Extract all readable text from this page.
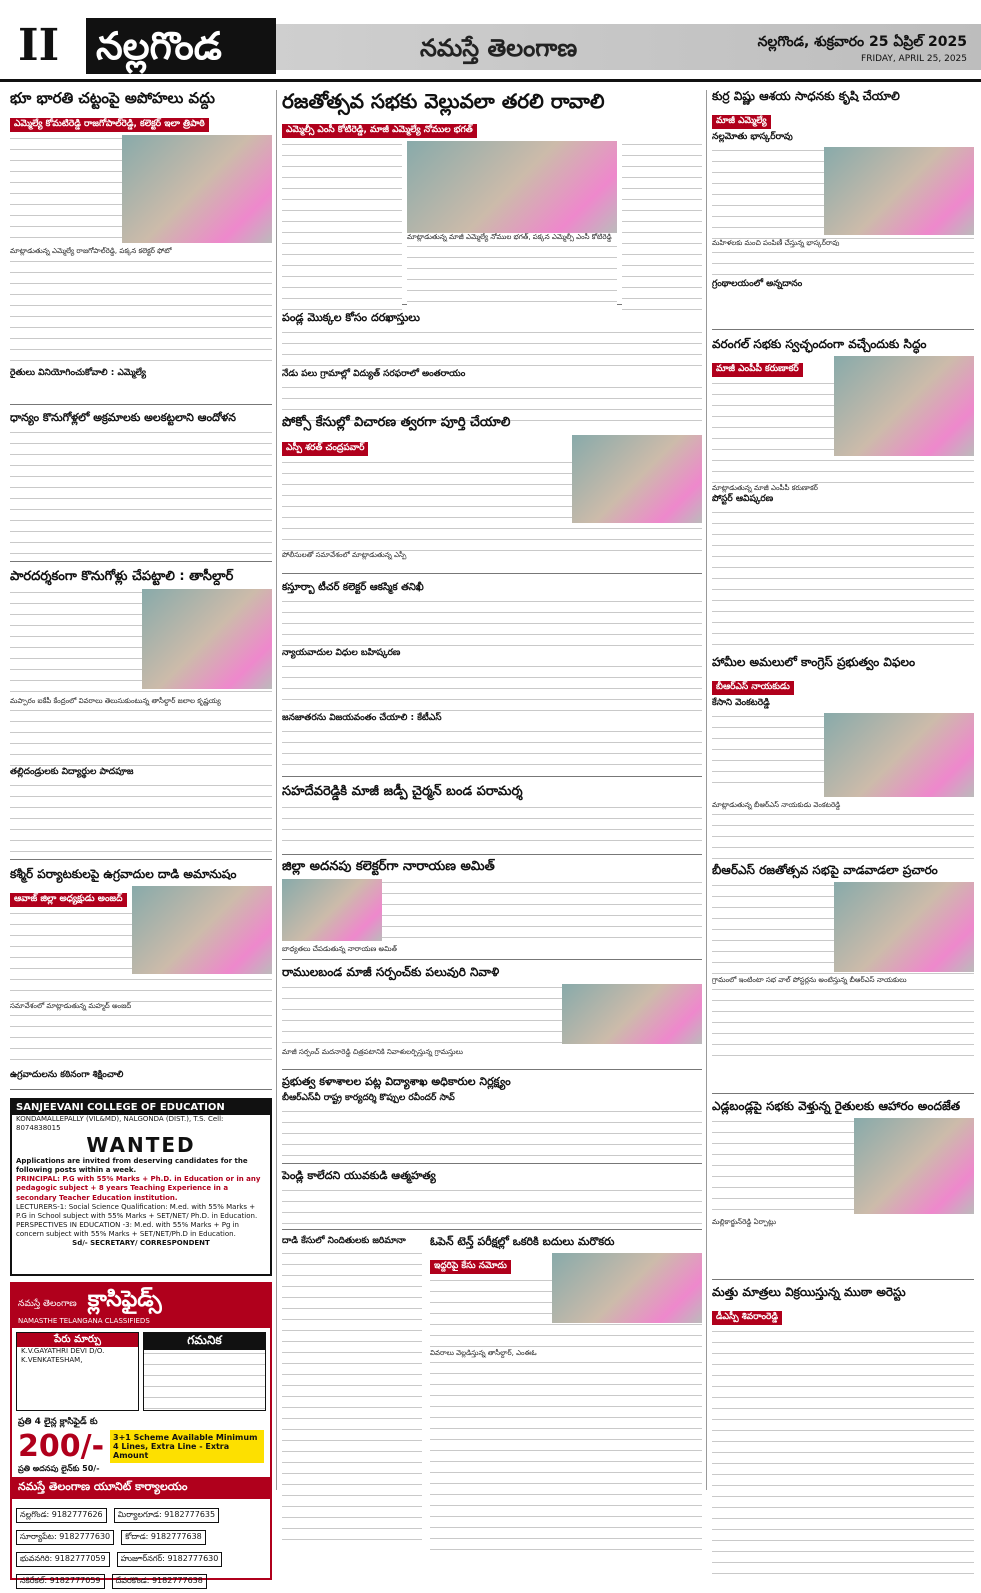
II నల్లగొండ	నమస్తే తెలంగాణ	నల్లగొండ, శుక్రవారం 25 ఏప్రిల్ 2025
FRIDAY, APRIL 25, 2025
భూ భారతి చట్టంపై అపోహలు వద్దు
ఎమ్మెల్యే కోమటిరెడ్డి రాజగోపాల్‌రెడ్డి, కలెక్టర్ ఇలా త్రిపాఠి
మాట్లాడుతున్న ఎమ్మెల్యే రాజగోపాల్‌రెడ్డి, పక్కన కలెక్టర్ ఫోటో
రైతులు వినియోగించుకోవాలి : ఎమ్మెల్యే
ధాన్యం కొనుగోళ్లలో అక్రమాలకు అలకట్టలాని ఆందోళన
పారదర్శకంగా కొనుగోళ్లు చేపట్టాలి : తాసీల్దార్
మప్పారం ఐకేపీ కేంద్రంలో వివరాలు తెలుసుకుంటున్న తాసీల్దార్ జలాల కృష్ణయ్య
తల్లిదండ్రులకు విద్యార్థుల పాదపూజ
కశ్మీర్ పర్యాటకులపై ఉగ్రవాదుల దాడి అమానుషం
ఆవాజ్ జిల్లా అధ్యక్షుడు అంజద్
సమావేశంలో మాట్లాడుతున్న మహ్మద్ అంజద్
ఉగ్రవాదులను కఠినంగా శిక్షించాలి
SANJEEVANI COLLEGE OF EDUCATION
KONDAMALLEPALLY (VIL&MD), NALGONDA (DIST.), T.S. Cell: 8074838015
WANTED
Applications are invited from deserving candidates for the following posts within a week.
PRINCIPAL: P.G with 55% Marks + Ph.D. in Education or in any pedagogic subject + 8 years Teaching Experience in a secondary Teacher Education institution.
LECTURERS-1: Social Science Qualification: M.ed. with 55% Marks + P.G in School subject with 55% Marks + SET/NET/ Ph.D. in Education.
PERSPECTIVES IN EDUCATION -3: M.ed. with 55% Marks + Pg in concern subject with 55% Marks + SET/NET/Ph.D in Education.
Sd/- SECRETARY/ CORRESPONDENT
నమస్తే తెలంగాణ క్లాసిఫైడ్స్
NAMASTHE TELANGANA CLASSIFIEDS
పేరు మార్పు
K.V.GAYATHRI DEVI D/O. K.VENKATESHAM,
గమనిక
ప్రతి 4 లైన్ల క్లాసిఫైడ్ కు
200/-
ప్రతి అదనపు లైన్‌కు 50/-
3+1 Scheme Available Minimum 4 Lines, Extra Line - Extra Amount
నమస్తే తెలంగాణ యూనిట్ కార్యాలయం
నల్లగొండ: 9182777626 మిర్యాలగూడ: 9182777635 సూర్యాపేట: 9182777630 కోదాడ: 9182777638 భువనగిరి: 9182777059 హుజూర్‌నగర్: 9182777630 నకిరేకల్: 9182777059 దేవరకొండ: 9182777638
రజతోత్సవ సభకు వెల్లువలా తరలి రావాలి
ఎమ్మెల్సీ ఎంసీ కోటిరెడ్డి, మాజీ ఎమ్మెల్యే నోముల భగత్
మాట్లాడుతున్న మాజీ ఎమ్మెల్యే నోముల భగత్, పక్కన ఎమ్మెల్సీ ఎంసీ కోటిరెడ్డి
పండ్ల మొక్కల కోసం దరఖాస్తులు
నేడు పలు గ్రామాల్లో విద్యుత్ సరఫరాలో అంతరాయం
పోక్సో కేసుల్లో విచారణ త్వరగా పూర్తి చేయాలి
ఎస్పీ శరత్ చంద్రపవార్
పోలీసులతో సమావేశంలో మాట్లాడుతున్న ఎస్పీ
కస్తూర్బా టీచర్ కలెక్టర్ ఆకస్మిక తనిఖీ
న్యాయవాదుల విధుల బహిష్కరణ
జనజాతరను విజయవంతం చేయాలి : కేటీఎస్
సహదేవరెడ్డికి మాజీ జడ్పీ చైర్మన్ బండ పరామర్శ
జిల్లా అదనపు కలెక్టర్‌గా నారాయణ అమిత్
బాధ్యతలు చేపడుతున్న నారాయణ అమిత్
రాములబండ మాజీ సర్పంచ్‌కు పలువురి నివాళి
మాజీ సర్పంచ్ మదనారెడ్డి చిత్రపటానికి నివాళులర్పిస్తున్న గ్రామస్తులు
ప్రభుత్వ కళాశాలల పట్ల విద్యాశాఖ అధికారుల నిర్లక్ష్యం
బీఆర్ఎస్‌వీ రాష్ట్ర కార్యదర్శి కొప్పుల రవీందర్ సావ్
పెండ్లి కాలేదని యువకుడి ఆత్మహత్య
దాడి కేసులో నిందితులకు జరిమానా	ఓపెన్ టెన్త్ పరీక్షల్లో ఒకరికి బదులు మరొకరు
ఇద్దరిపై కేసు నమోదు
వివరాలు వెల్లడిస్తున్న తాసీల్దార్, ఎంఈఓ
కుర్ర విష్ణు ఆశయ సాధనకు కృషి చేయాలి
మాజీ ఎమ్మెల్యే
నల్లమోతు భాస్కర్‌రావు
మహిళలకు మంచి పంపిణీ చేస్తున్న భాస్కర్‌రావు
గ్రంథాలయంలో అన్నదానం
వరంగల్ సభకు స్వచ్ఛందంగా వచ్చేందుకు సిద్ధం
మాజీ ఎంపీపీ కరుణాకర్
మాట్లాడుతున్న మాజీ ఎంపీపీ కరుణాకర్
పోస్టర్ ఆవిష్కరణ
హామీల అమలులో కాంగ్రెస్ ప్రభుత్వం విఫలం
బీఆర్ఎస్ నాయకుడు
కేసాని వెంకటరెడ్డి
మాట్లాడుతున్న బీఆర్ఎస్ నాయకుడు వెంకటరెడ్డి
బీఆర్ఎస్ రజతోత్సవ సభపై వాడవాడలా ప్రచారం
గ్రామంలో ఇంటింటా సభ వాల్ పోస్టర్లను అంటిస్తున్న బీఆర్ఎస్ నాయకులు
ఎడ్లబండ్లపై సభకు వెళ్తున్న రైతులకు ఆహారం అందజేత
మల్లికార్జున్‌రెడ్డి ఏర్పాట్లు
మత్తు మాత్రలు విక్రయిస్తున్న ముఠా అరెస్టు
డీఎస్పీ శివరాంరెడ్డి
